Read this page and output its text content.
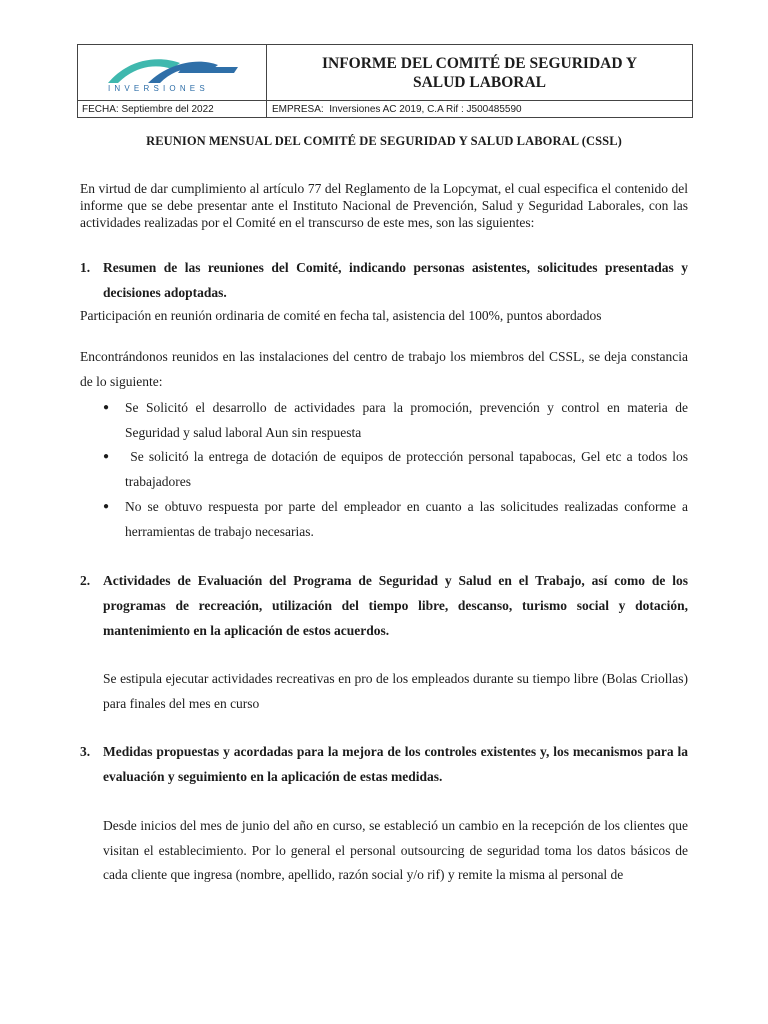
INVERSIONES
INFORME DEL COMITÉ DE SEGURIDAD Y SALUD LABORAL
FECHA: Septiembre del 2022	EMPRESA:  Inversiones AC 2019, C.A Rif : J500485590
REUNION MENSUAL DEL COMITÉ DE SEGURIDAD Y SALUD LABORAL (CSSL)
En virtud de dar cumplimiento al artículo 77 del Reglamento de la Lopcymat, el cual especifica el contenido del informe que se debe presentar ante el Instituto Nacional de Prevención, Salud y Seguridad Laborales, con las actividades realizadas por el Comité en el transcurso de este mes, son las siguientes:
1. Resumen de las reuniones del Comité, indicando personas asistentes, solicitudes presentadas y decisiones adoptadas.
Participación en reunión ordinaria de comité en fecha tal, asistencia del 100%, puntos abordados
Encontrándonos reunidos en las instalaciones del centro de trabajo los miembros del CSSL, se deja constancia de lo siguiente:
● Se Solicitó el desarrollo de actividades para la promoción, prevención y control en materia de Seguridad y salud laboral Aun sin respuesta
● Se solicitó la entrega de dotación de equipos de protección personal tapabocas, Gel etc a todos los trabajadores
● No se obtuvo respuesta por parte del empleador en cuanto a las solicitudes realizadas conforme a herramientas de trabajo necesarias.
2. Actividades de Evaluación del Programa de Seguridad y Salud en el Trabajo, así como de los programas de recreación, utilización del tiempo libre, descanso, turismo social y dotación, mantenimiento en la aplicación de estos acuerdos.
Se estipula ejecutar actividades recreativas en pro de los empleados durante su tiempo libre (Bolas Criollas) para finales del mes en curso
3. Medidas propuestas y acordadas para la mejora de los controles existentes y, los mecanismos para la evaluación y seguimiento en la aplicación de estas medidas.
Desde inicios del mes de junio del año en curso, se estableció un cambio en la recepción de los clientes que visitan el establecimiento. Por lo general el personal outsourcing de seguridad toma los datos básicos de cada cliente que ingresa (nombre, apellido, razón social y/o rif) y remite la misma al personal de
